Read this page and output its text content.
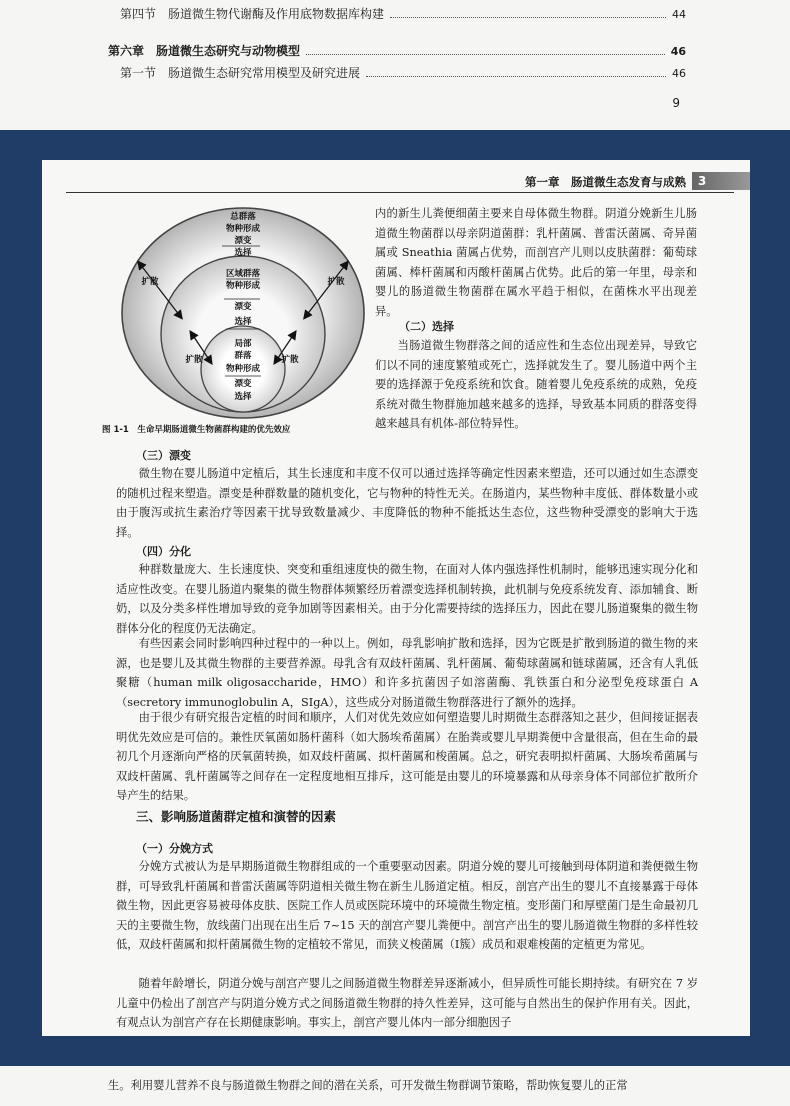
第四节　肠道微生物代谢酶及作用底物数据库构建	44
第六章　肠道微生态研究与动物模型	46
第一节　肠道微生态研究常用模型及研究进展	46
9
第一章　肠道微生态发育与成熟	3
总群落
物种形成
漂变
选择
区域群落
物种形成
漂变
选择
局部
群落
物种形成
漂变
选择
扩散	扩散
扩散	扩散
图 1-1　生命早期肠道微生物菌群构建的优先效应

内的新生儿粪便细菌主要来自母体微生物群。阴道分娩新生儿肠道微生物菌群以母亲阴道菌群：乳杆菌属、普雷沃菌属、奇异菌属或 Sneathia 菌属占优势，而剖宫产儿则以皮肤菌群：葡萄球菌属、棒杆菌属和丙酸杆菌属占优势。此后的第一年里，母亲和婴儿的肠道微生物菌群在属水平趋于相似，在菌株水平出现差异。

（二）选择

当肠道微生物群落之间的适应性和生态位出现差异，导致它们以不同的速度繁殖或死亡，选择就发生了。婴儿肠道中两个主要的选择源于免疫系统和饮食。随着婴儿免疫系统的成熟，免疫系统对微生物群施加越来越多的选择，导致基本同质的群落变得越来越具有机体-部位特异性。

（三）漂变

微生物在婴儿肠道中定植后，其生长速度和丰度不仅可以通过选择等确定性因素来塑造，还可以通过如生态漂变的随机过程来塑造。漂变是种群数量的随机变化，它与物种的特性无关。在肠道内，某些物种丰度低、群体数量小或由于腹泻或抗生素治疗等因素干扰导致数量减少、丰度降低的物种不能抵达生态位，这些物种受漂变的影响大于选择。

（四）分化

种群数量庞大、生长速度快、突变和重组速度快的微生物，在面对人体内强选择性机制时，能够迅速实现分化和适应性改变。在婴儿肠道内聚集的微生物群体频繁经历着漂变选择机制转换，此机制与免疫系统发育、添加辅食、断奶，以及分类多样性增加导致的竞争加剧等因素相关。由于分化需要持续的选择压力，因此在婴儿肠道聚集的微生物群体分化的程度仍无法确定。

有些因素会同时影响四种过程中的一种以上。例如，母乳影响扩散和选择，因为它既是扩散到肠道的微生物的来源，也是婴儿及其微生物群的主要营养源。母乳含有双歧杆菌属、乳杆菌属、葡萄球菌属和链球菌属，还含有人乳低聚糖（human milk oligosaccharide，HMO）和许多抗菌因子如溶菌酶、乳铁蛋白和分泌型免疫球蛋白 A（secretory immunoglobulin A，SIgA），这些成分对肠道微生物群落进行了额外的选择。

由于很少有研究报告定植的时间和顺序，人们对优先效应如何塑造婴儿时期微生态群落知之甚少，但间接证据表明优先效应是可信的。兼性厌氧菌如肠杆菌科（如大肠埃希菌属）在胎粪或婴儿早期粪便中含量很高，但在生命的最初几个月逐渐向严格的厌氧菌转换，如双歧杆菌属、拟杆菌属和梭菌属。总之，研究表明拟杆菌属、大肠埃希菌属与双歧杆菌属、乳杆菌属等之间存在一定程度地相互排斥，这可能是由婴儿的环境暴露和从母亲身体不同部位扩散所介导产生的结果。

三、影响肠道菌群定植和演替的因素
（一）分娩方式

分娩方式被认为是早期肠道微生物群组成的一个重要驱动因素。阴道分娩的婴儿可接触到母体阴道和粪便微生物群，可导致乳杆菌属和普雷沃菌属等阴道相关微生物在新生儿肠道定植。相反，剖宫产出生的婴儿不直接暴露于母体微生物，因此更容易被母体皮肤、医院工作人员或医院环境中的环境微生物定植。变形菌门和厚壁菌门是生命最初几天的主要微生物，放线菌门出现在出生后 7~15 天的剖宫产婴儿粪便中。剖宫产出生的婴儿肠道微生物群的多样性较低，双歧杆菌属和拟杆菌属微生物的定植较不常见，而狭义梭菌属（Ⅰ簇）成员和艰难梭菌的定植更为常见。

随着年龄增长，阴道分娩与剖宫产婴儿之间肠道微生物群差异逐渐减小，但异质性可能长期持续。有研究在 7 岁儿童中仍检出了剖宫产与阴道分娩方式之间肠道微生物群的持久性差异，这可能与自然出生的保护作用有关。因此，有观点认为剖宫产存在长期健康影响。事实上，剖宫产婴儿体内一部分细胞因子

生。利用婴儿营养不良与肠道微生物群之间的潜在关系，可开发微生物群调节策略，帮助恢复婴儿的正常
